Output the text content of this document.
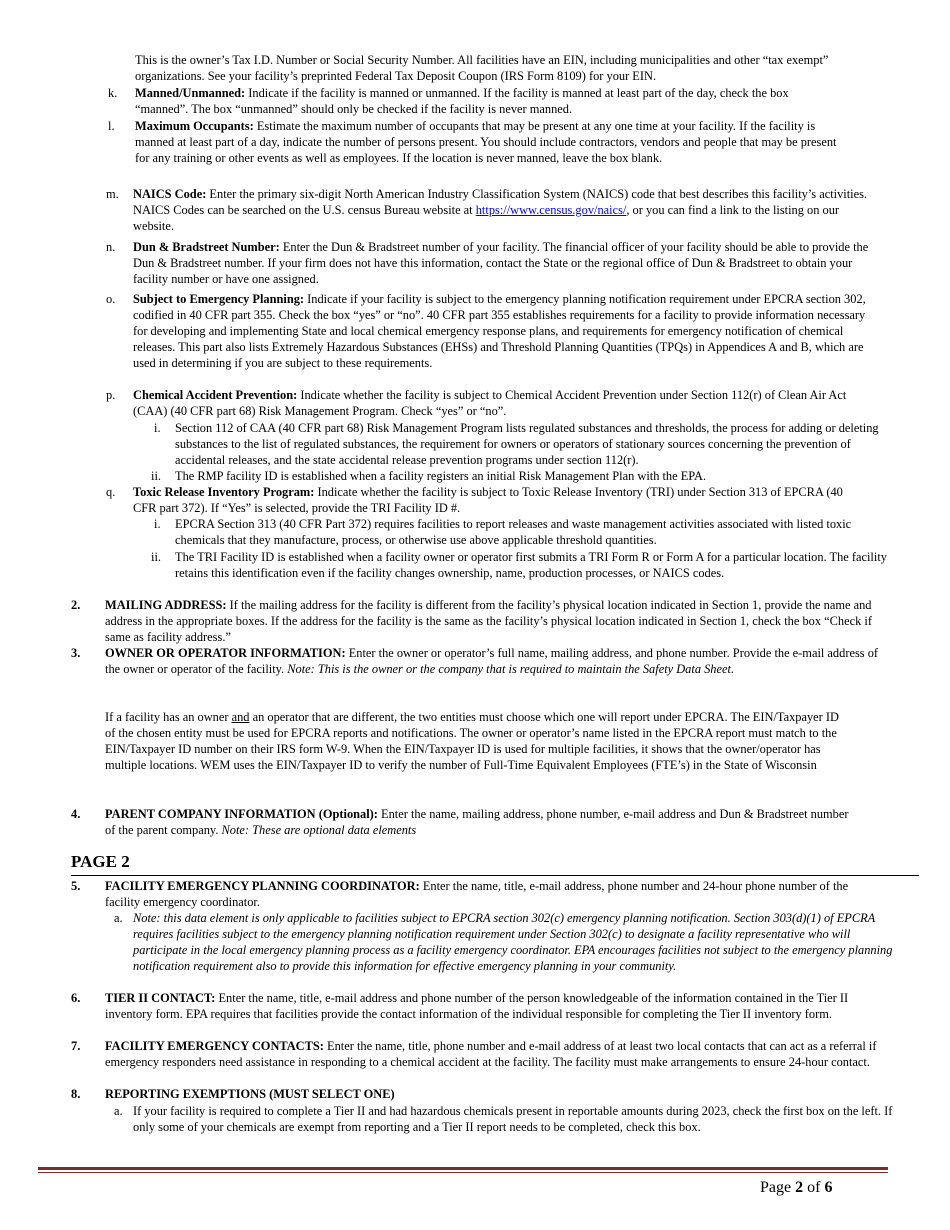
This is the owner’s Tax I.D. Number or Social Security Number. All facilities have an EIN, including municipalities and other “tax exempt” organizations. See your facility’s preprinted Federal Tax Deposit Coupon (IRS Form 8109) for your EIN.
k. Manned/Unmanned: Indicate if the facility is manned or unmanned. If the facility is manned at least part of the day, check the box “manned”. The box “unmanned” should only be checked if the facility is never manned.
l. Maximum Occupants: Estimate the maximum number of occupants that may be present at any one time at your facility. If the facility is manned at least part of a day, indicate the number of persons present. You should include contractors, vendors and people that may be present for any training or other events as well as employees. If the location is never manned, leave the box blank.
m. NAICS Code: Enter the primary six-digit North American Industry Classification System (NAICS) code that best describes this facility’s activities. NAICS Codes can be searched on the U.S. census Bureau website at https://www.census.gov/naics/, or you can find a link to the listing on our website.
n. Dun & Bradstreet Number: Enter the Dun & Bradstreet number of your facility. The financial officer of your facility should be able to provide the Dun & Bradstreet number. If your firm does not have this information, contact the State or the regional office of Dun & Bradstreet to obtain your facility number or have one assigned.
o. Subject to Emergency Planning: Indicate if your facility is subject to the emergency planning notification requirement under EPCRA section 302, codified in 40 CFR part 355. Check the box “yes” or “no”. 40 CFR part 355 establishes requirements for a facility to provide information necessary for developing and implementing State and local chemical emergency response plans, and requirements for emergency notification of chemical releases. This part also lists Extremely Hazardous Substances (EHSs) and Threshold Planning Quantities (TPQs) in Appendices A and B, which are used in determining if you are subject to these requirements.
p. Chemical Accident Prevention: Indicate whether the facility is subject to Chemical Accident Prevention under Section 112(r) of Clean Air Act (CAA) (40 CFR part 68) Risk Management Program. Check “yes” or “no”.
i. Section 112 of CAA (40 CFR part 68) Risk Management Program lists regulated substances and thresholds, the process for adding or deleting substances to the list of regulated substances, the requirement for owners or operators of stationary sources concerning the prevention of accidental releases, and the state accidental release prevention programs under section 112(r).
ii. The RMP facility ID is established when a facility registers an initial Risk Management Plan with the EPA.
q. Toxic Release Inventory Program: Indicate whether the facility is subject to Toxic Release Inventory (TRI) under Section 313 of EPCRA (40 CFR part 372). If “Yes” is selected, provide the TRI Facility ID #.
i. EPCRA Section 313 (40 CFR Part 372) requires facilities to report releases and waste management activities associated with listed toxic chemicals that they manufacture, process, or otherwise use above applicable threshold quantities.
ii. The TRI Facility ID is established when a facility owner or operator first submits a TRI Form R or Form A for a particular location. The facility retains this identification even if the facility changes ownership, name, production processes, or NAICS codes.
2. MAILING ADDRESS: If the mailing address for the facility is different from the facility’s physical location indicated in Section 1, provide the name and address in the appropriate boxes. If the address for the facility is the same as the facility’s physical location indicated in Section 1, check the box “Check if same as facility address.”
3. OWNER OR OPERATOR INFORMATION: Enter the owner or operator’s full name, mailing address, and phone number. Provide the e-mail address of the owner or operator of the facility. Note: This is the owner or the company that is required to maintain the Safety Data Sheet.
If a facility has an owner and an operator that are different, the two entities must choose which one will report under EPCRA. The EIN/Taxpayer ID of the chosen entity must be used for EPCRA reports and notifications. The owner or operator’s name listed in the EPCRA report must match to the EIN/Taxpayer ID number on their IRS form W-9. When the EIN/Taxpayer ID is used for multiple facilities, it shows that the owner/operator has multiple locations. WEM uses the EIN/Taxpayer ID to verify the number of Full-Time Equivalent Employees (FTE’s) in the State of Wisconsin
4. PARENT COMPANY INFORMATION (Optional): Enter the name, mailing address, phone number, e-mail address and Dun & Bradstreet number of the parent company. Note: These are optional data elements
PAGE 2
5. FACILITY EMERGENCY PLANNING COORDINATOR: Enter the name, title, e-mail address, phone number and 24-hour phone number of the facility emergency coordinator.
a. Note: this data element is only applicable to facilities subject to EPCRA section 302(c) emergency planning notification. Section 303(d)(1) of EPCRA requires facilities subject to the emergency planning notification requirement under Section 302(c) to designate a facility representative who will participate in the local emergency planning process as a facility emergency coordinator. EPA encourages facilities not subject to the emergency planning notification requirement also to provide this information for effective emergency planning in your community.
6. TIER II CONTACT: Enter the name, title, e-mail address and phone number of the person knowledgeable of the information contained in the Tier II inventory form. EPA requires that facilities provide the contact information of the individual responsible for completing the Tier II inventory form.
7. FACILITY EMERGENCY CONTACTS: Enter the name, title, phone number and e-mail address of at least two local contacts that can act as a referral if emergency responders need assistance in responding to a chemical accident at the facility. The facility must make arrangements to ensure 24-hour contact.
8. REPORTING EXEMPTIONS (MUST SELECT ONE)
a. If your facility is required to complete a Tier II and had hazardous chemicals present in reportable amounts during 2023, check the first box on the left. If only some of your chemicals are exempt from reporting and a Tier II report needs to be completed, check this box.
Page 2 of 6
